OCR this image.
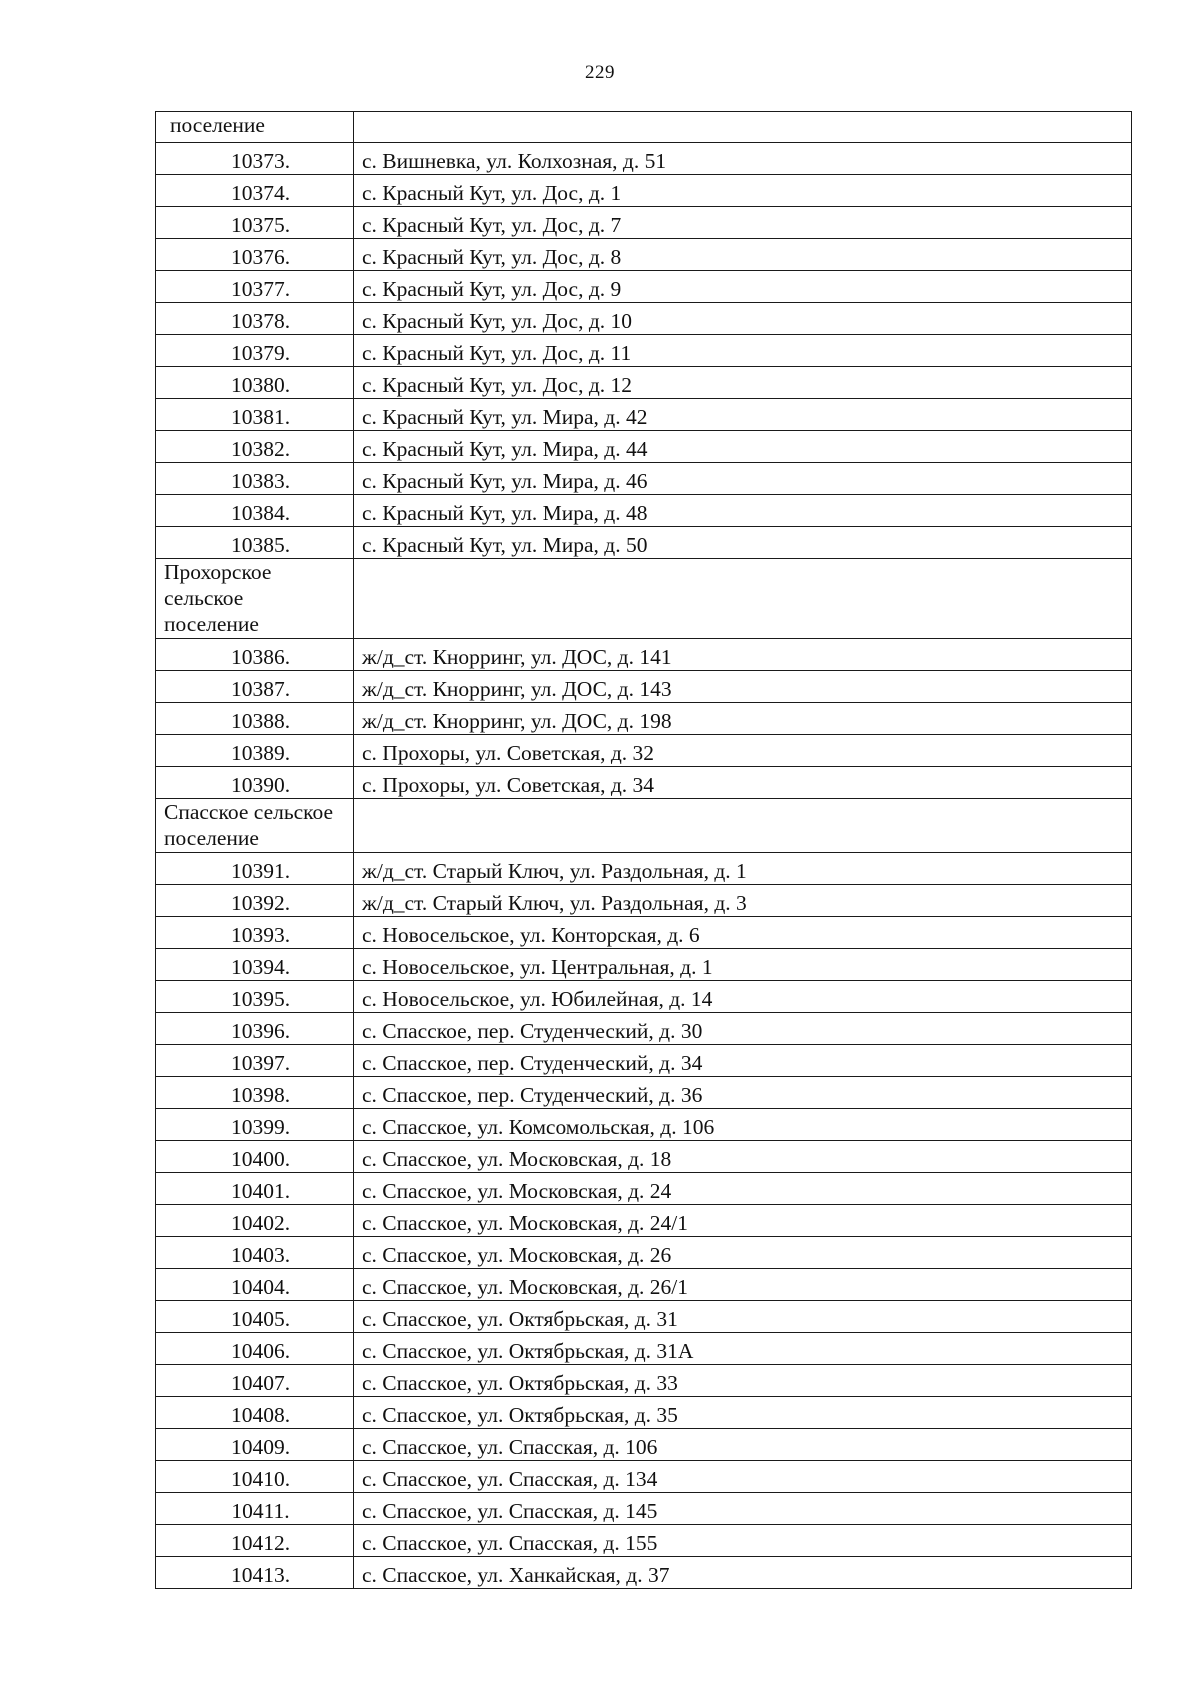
229
поселение	
10373.	с. Вишневка, ул. Колхозная, д. 51
10374.	с. Красный Кут, ул. Дос, д. 1
10375.	с. Красный Кут, ул. Дос, д. 7
10376.	с. Красный Кут, ул. Дос, д. 8
10377.	с. Красный Кут, ул. Дос, д. 9
10378.	с. Красный Кут, ул. Дос, д. 10
10379.	с. Красный Кут, ул. Дос, д. 11
10380.	с. Красный Кут, ул. Дос, д. 12
10381.	с. Красный Кут, ул. Мира, д. 42
10382.	с. Красный Кут, ул. Мира, д. 44
10383.	с. Красный Кут, ул. Мира, д. 46
10384.	с. Красный Кут, ул. Мира, д. 48
10385.	с. Красный Кут, ул. Мира, д. 50

Прохорское
сельское
поселение	

10386.	ж/д_ст. Кнорринг, ул. ДОС, д. 141
10387.	ж/д_ст. Кнорринг, ул. ДОС, д. 143
10388.	ж/д_ст. Кнорринг, ул. ДОС, д. 198
10389.	с. Прохоры, ул. Советская, д. 32
10390.	с. Прохоры, ул. Советская, д. 34

Спасское сельское
поселение	

10391.	ж/д_ст. Старый Ключ, ул. Раздольная, д. 1
10392.	ж/д_ст. Старый Ключ, ул. Раздольная, д. 3
10393.	с. Новосельское, ул. Конторская, д. 6
10394.	с. Новосельское, ул. Центральная, д. 1
10395.	с. Новосельское, ул. Юбилейная, д. 14
10396.	с. Спасское, пер. Студенческий, д. 30
10397.	с. Спасское, пер. Студенческий, д. 34
10398.	с. Спасское, пер. Студенческий, д. 36
10399.	с. Спасское, ул. Комсомольская, д. 106
10400.	с. Спасское, ул. Московская, д. 18
10401.	с. Спасское, ул. Московская, д. 24
10402.	с. Спасское, ул. Московская, д. 24/1
10403.	с. Спасское, ул. Московская, д. 26
10404.	с. Спасское, ул. Московская, д. 26/1
10405.	с. Спасское, ул. Октябрьская, д. 31
10406.	с. Спасское, ул. Октябрьская, д. 31А
10407.	с. Спасское, ул. Октябрьская, д. 33
10408.	с. Спасское, ул. Октябрьская, д. 35
10409.	с. Спасское, ул. Спасская, д. 106
10410.	с. Спасское, ул. Спасская, д. 134
10411.	с. Спасское, ул. Спасская, д. 145
10412.	с. Спасское, ул. Спасская, д. 155
10413.	с. Спасское, ул. Ханкайская, д. 37
